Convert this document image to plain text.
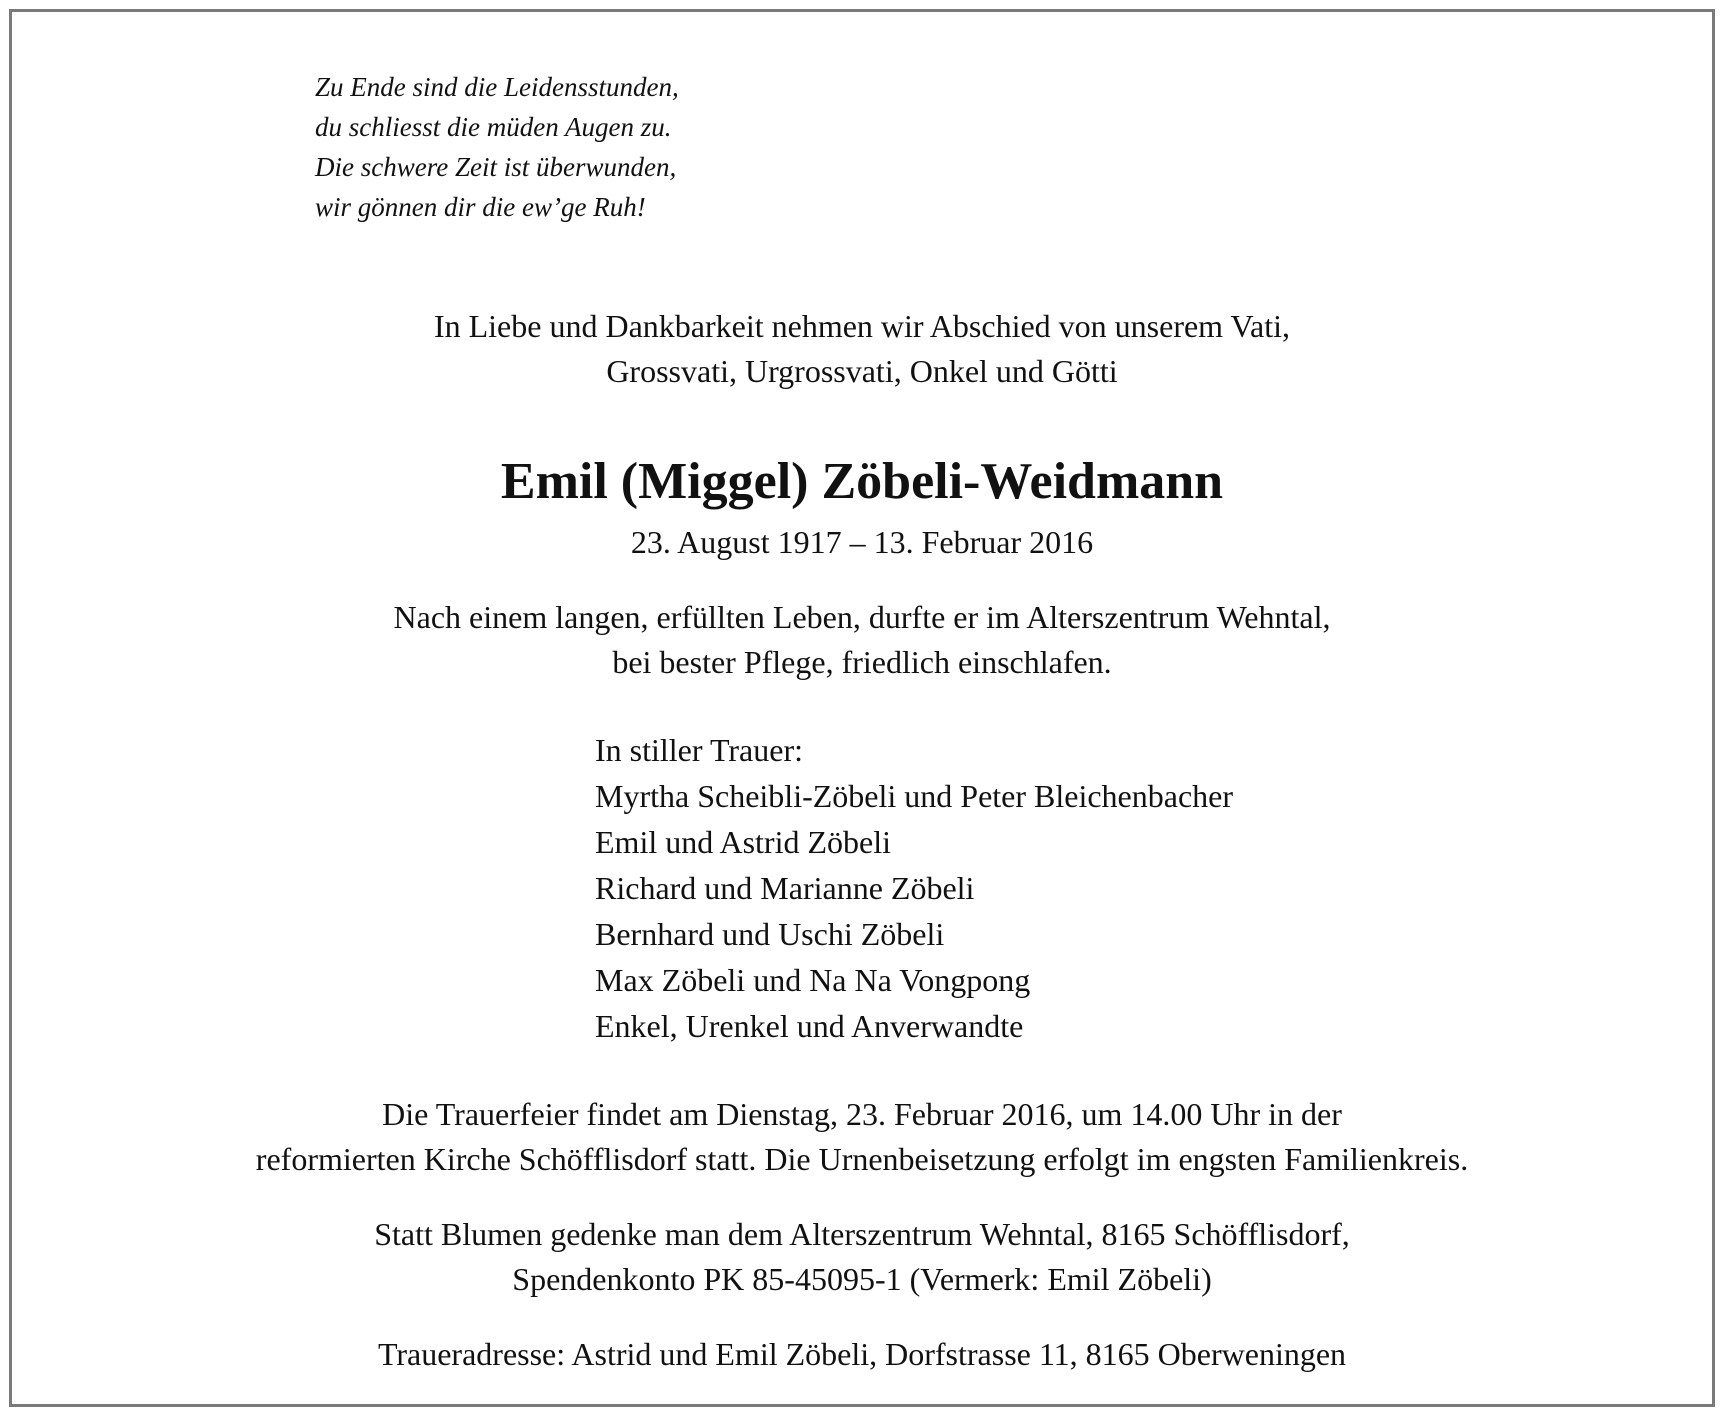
Zu Ende sind die Leidensstunden,
du schliesst die müden Augen zu.
Die schwere Zeit ist überwunden,
wir gönnen dir die ew’ge Ruh!
In Liebe und Dankbarkeit nehmen wir Abschied von unserem Vati,
Grossvati, Urgrossvati, Onkel und Götti
Emil (Miggel) Zöbeli-Weidmann
23. August 1917 – 13. Februar 2016
Nach einem langen, erfüllten Leben, durfte er im Alterszentrum Wehntal,
bei bester Pflege, friedlich einschlafen.
In stiller Trauer:
Myrtha Scheibli-Zöbeli und Peter Bleichenbacher
Emil und Astrid Zöbeli
Richard und Marianne Zöbeli
Bernhard und Uschi Zöbeli
Max Zöbeli und Na Na Vongpong
Enkel, Urenkel und Anverwandte
Die Trauerfeier findet am Dienstag, 23. Februar 2016, um 14.00 Uhr in der
reformierten Kirche Schöfflisdorf statt. Die Urnenbeisetzung erfolgt im engsten Familienkreis.
Statt Blumen gedenke man dem Alterszentrum Wehntal, 8165 Schöfflisdorf,
Spendenkonto PK 85-45095-1 (Vermerk: Emil Zöbeli)
Traueradresse: Astrid und Emil Zöbeli, Dorfstrasse 11, 8165 Oberweningen
